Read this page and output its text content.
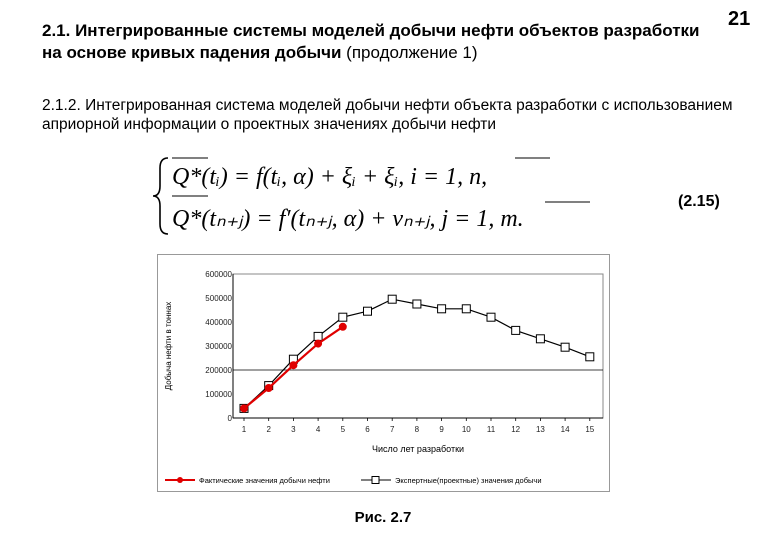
2.1. Интегрированные системы моделей добычи нефти объектов разработки на основе кривых падения добычи (продолжение 1)
21
2.1.2. Интегрированная система моделей добычи нефти объекта разработки с использованием априорной информации о проектных значениях добычи нефти
Q*(tᵢ) = f(tᵢ, α) + ξᵢ + ξᵢ, i = 1, n,
Q*(tₙ₊ⱼ) = f′(tₙ₊ⱼ, α) + νₙ₊ⱼ, j = 1, m.
(2.15)
0
100000
200000
300000
400000
500000
600000
1	2	3	4	5	6	7	8	9 10 11 12 13 14 15
Добыча нефти в тоннах
Число лет разработки
Фактические значения добычи нефти	Экспертные(проектные) значения добычи
Рис. 2.7
